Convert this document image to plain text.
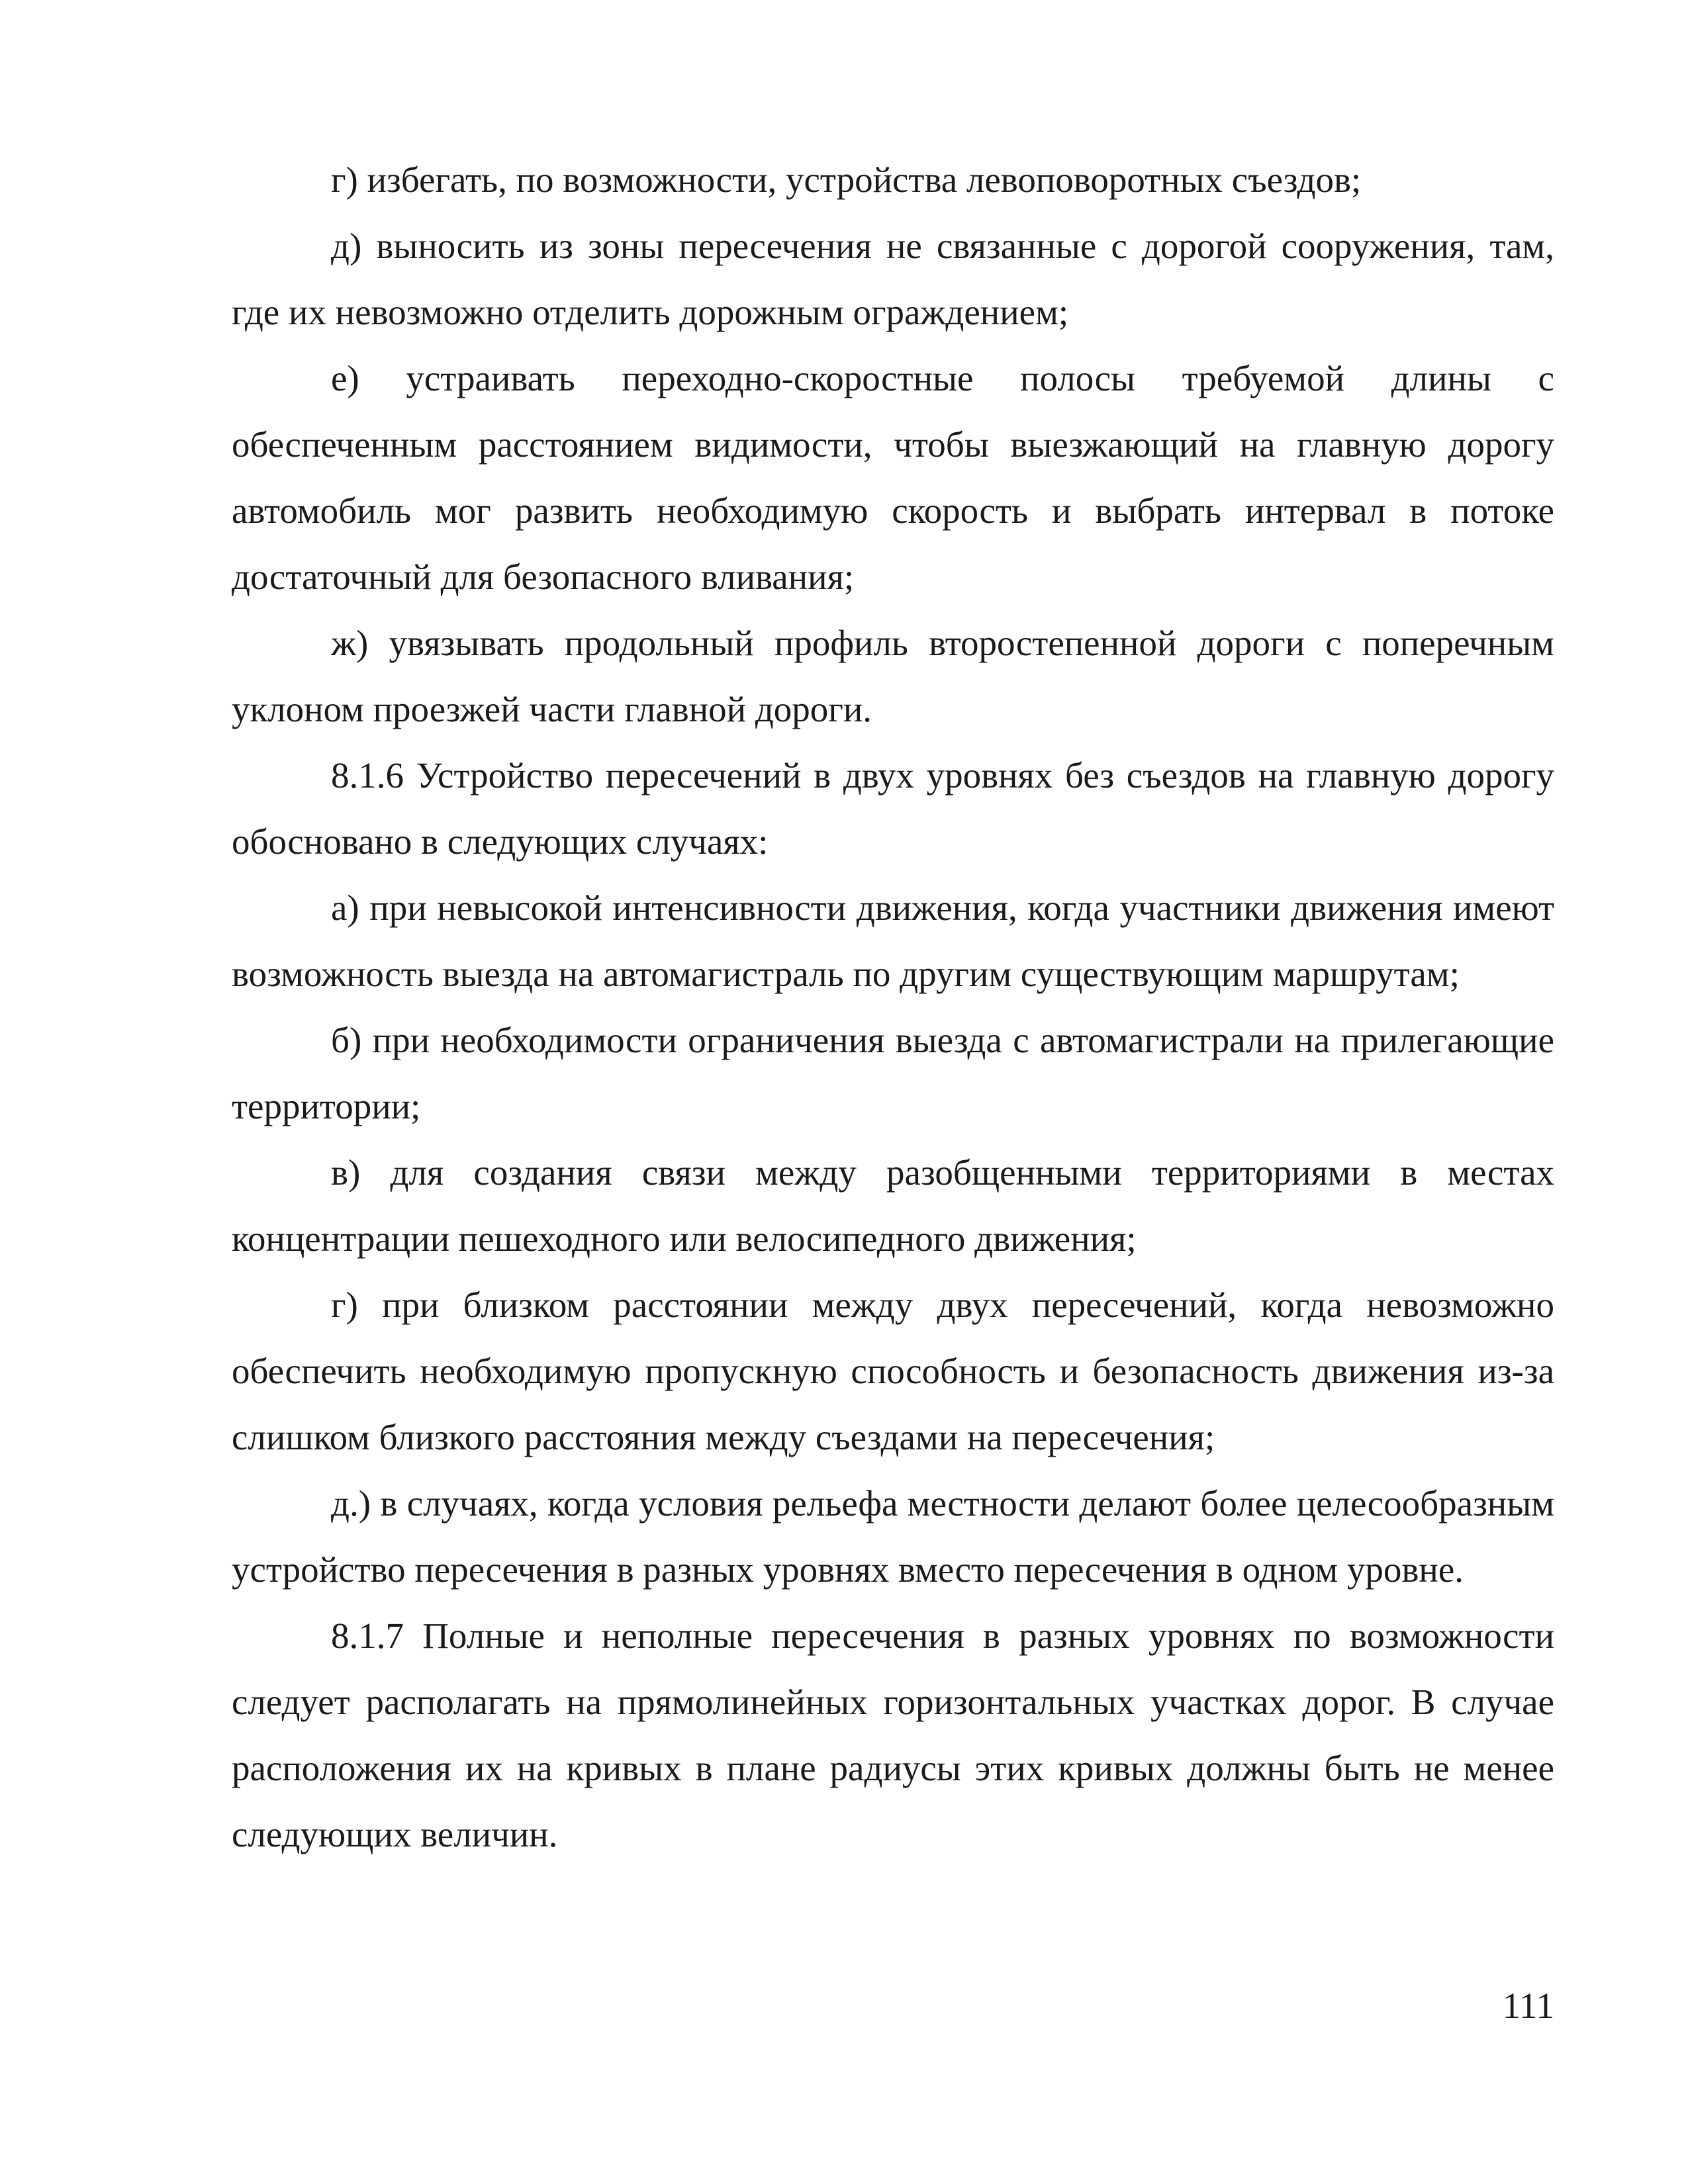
г) избегать, по возможности, устройства левоповоротных съездов;

д) выносить из зоны пересечения не связанные с дорогой сооружения, там, где их невозможно отделить дорожным ограждением;

е) устраивать переходно-скоростные полосы требуемой длины с обеспеченным расстоянием видимости, чтобы выезжающий на главную дорогу автомобиль мог развить необходимую скорость и выбрать интервал в потоке достаточный для безопасного вливания;

ж) увязывать продольный профиль второстепенной дороги с поперечным уклоном проезжей части главной дороги.

8.1.6 Устройство пересечений в двух уровнях без съездов на главную дорогу обосновано в следующих случаях:

а) при невысокой интенсивности движения, когда участники движения имеют возможность выезда на автомагистраль по другим существующим маршрутам;

б) при необходимости ограничения выезда с автомагистрали на прилегающие территории;

в) для создания связи между разобщенными территориями в местах концентрации пешеходного или велосипедного движения;

г) при близком расстоянии между двух пересечений, когда невозможно обеспечить необходимую пропускную способность и безопасность движения из-за слишком близкого расстояния между съездами на пересечения;

д.) в случаях, когда условия рельефа местности делают более целесообразным устройство пересечения в разных уровнях вместо пересечения в одном уровне.

8.1.7 Полные и неполные пересечения в разных уровнях по возможности следует располагать на прямолинейных горизонтальных участках дорог. В случае расположения их на кривых в плане радиусы этих кривых должны быть не менее следующих величин.

111
